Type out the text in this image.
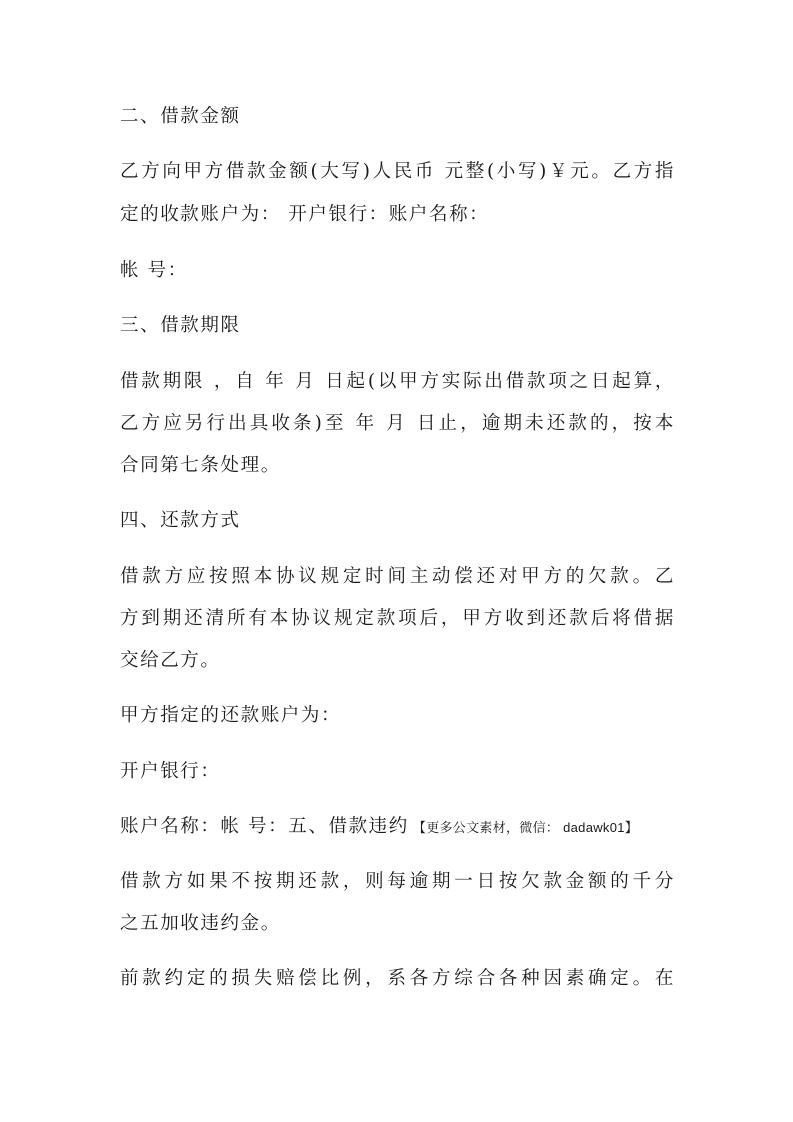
二、借款金额
乙方向甲方借款金额(大写)人民币 元整(小写)￥元。乙方指
定的收款账户为： 开户银行：账户名称：
帐 号：
三、借款期限
借款期限 ，自 年 月 日起(以甲方实际出借款项之日起算，
乙方应另行出具收条)至 年 月 日止，逾期未还款的，按本
合同第七条处理。
四、还款方式
借款方应按照本协议规定时间主动偿还对甲方的欠款。乙
方到期还清所有本协议规定款项后，甲方收到还款后将借据
交给乙方。
甲方指定的还款账户为：
开户银行：
账户名称：帐 号：五、借款违约 【更多公文素材，微信： dadawk01】
借款方如果不按期还款，则每逾期一日按欠款金额的千分
之五加收违约金。
前款约定的损失赔偿比例，系各方综合各种因素确定。在
